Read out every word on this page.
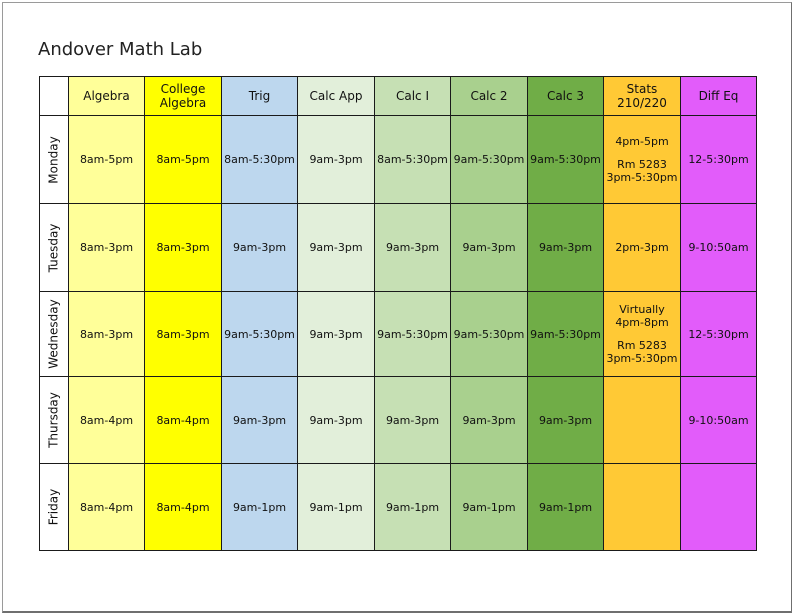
Andover Math Lab

	Algebra	College
Algebra	Trig	Calc App	Calc I	Calc 2	Calc 3	Stats
210/220	Diff Eq

Monday	8am-5pm	8am-5pm	8am-5:30pm	9am-3pm	8am-5:30pm	9am-5:30pm	9am-5:30pm	4pm-5pm
Rm 5283
3pm-5:30pm	12-5:30pm

Tuesday	8am-3pm	8am-3pm	9am-3pm	9am-3pm	9am-3pm	9am-3pm	9am-3pm	2pm-3pm	9-10:50am

Wednesday	8am-3pm	8am-3pm	9am-5:30pm	9am-3pm	9am-5:30pm	9am-5:30pm	9am-5:30pm	Virtually
4pm-8pm
Rm 5283
3pm-5:30pm	12-5:30pm

Thursday	8am-4pm	8am-4pm	9am-3pm	9am-3pm	9am-3pm	9am-3pm	9am-3pm		9-10:50am

Friday	8am-4pm	8am-4pm	9am-1pm	9am-1pm	9am-1pm	9am-1pm	9am-1pm		
